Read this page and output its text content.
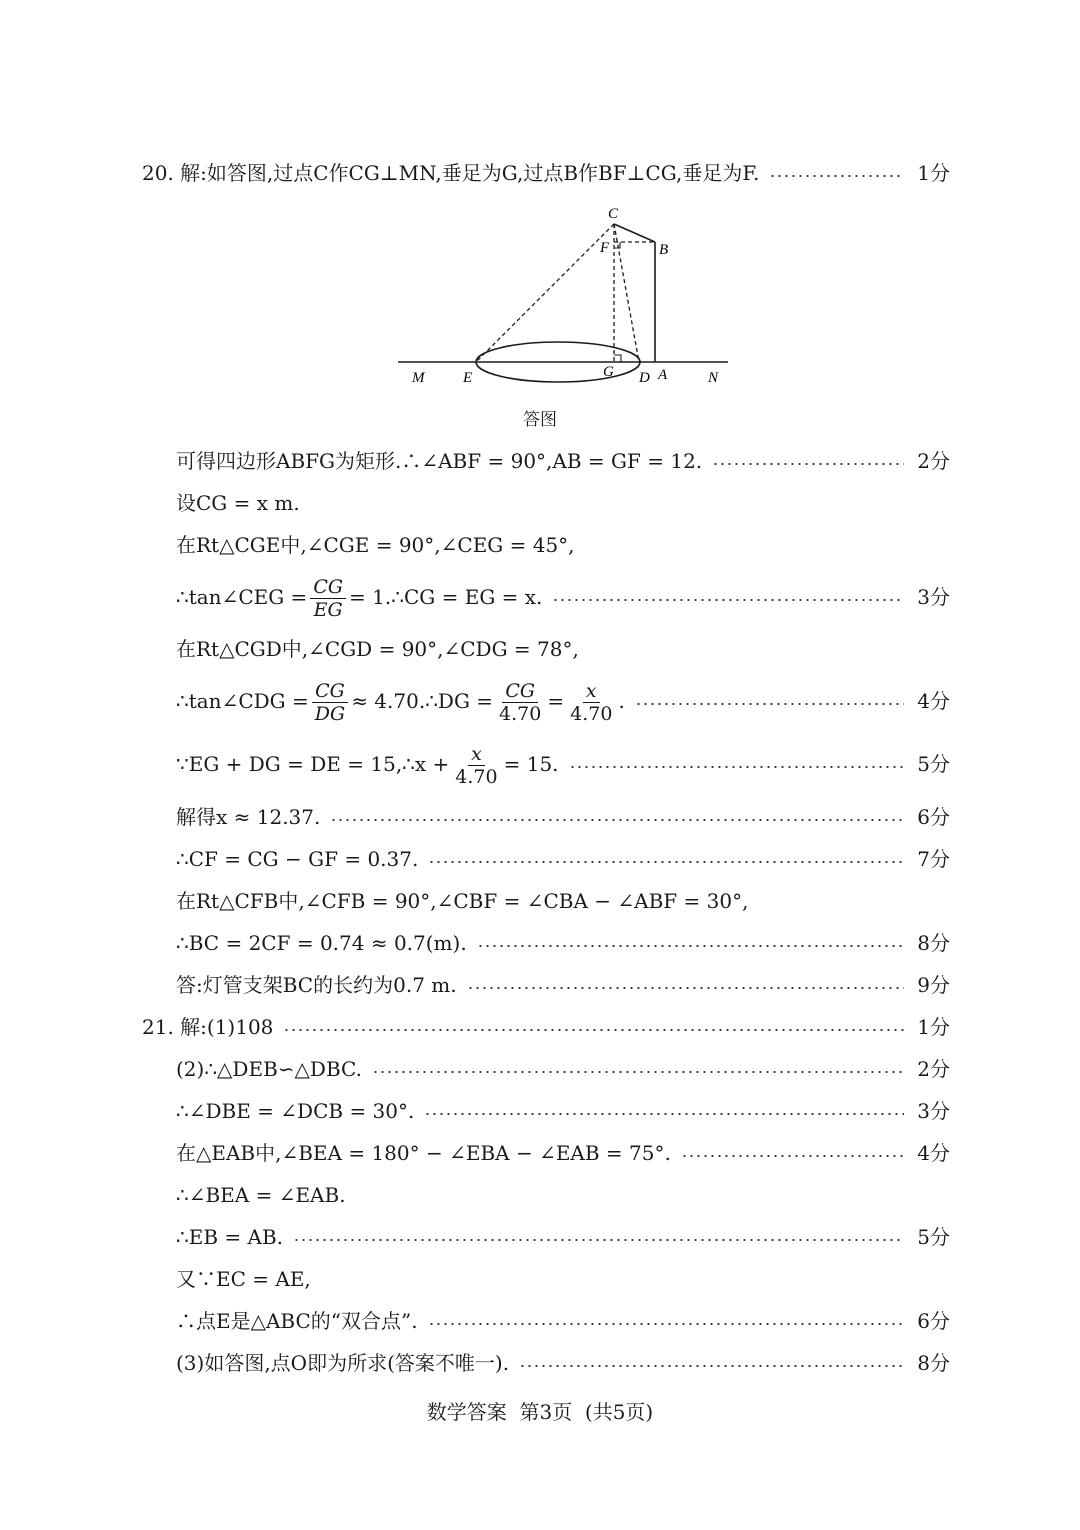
20. 解:如答图,过点C作CG⊥MN,垂足为G,过点B作BF⊥CG,垂足为F.	1分
C
F	B
M	E	G D A	N
答图
可得四边形ABFG为矩形.∴∠ABF = 90°,AB = GF = 12.	2分
设CG = x m.
在Rt△CGE中,∠CGE = 90°,∠CEG = 45°,
∴tan∠CEG = $\frac{CG}{EG}$ = 1.∴CG = EG = x.	3分
在Rt△CGD中,∠CGD = 90°,∠CDG = 78°,
∴tan∠CDG = $\frac{CG}{DG}$ ≈ 4.70.∴DG = $\frac{CG}{4.70} = \frac{x}{4.70}$ .	4分
∵EG + DG = DE = 15,∴x + $\frac{x}{4.70} = 15$.	5分
解得x ≈ 12.37.	6分
∴CF = CG − GF = 0.37.	7分
在Rt△CFB中,∠CFB = 90°,∠CBF = ∠CBA − ∠ABF = 30°,
∴BC = 2CF = 0.74 ≈ 0.7(m).	8分
答:灯管支架BC的长约为0.7 m.	9分
21. 解:(1)108	1分
(2)∴△DEB∽△DBC.	2分
∴∠DBE = ∠DCB = 30°.	3分
在△EAB中,∠BEA = 180° − ∠EBA − ∠EAB = 75°.	4分
∴∠BEA = ∠EAB.
∴EB = AB.	5分
又∵EC = AE,
∴点E是△ABC的“双合点”.	6分
(3)如答图,点O即为所求(答案不唯一).	8分
数学答案  第3页  (共5页)
